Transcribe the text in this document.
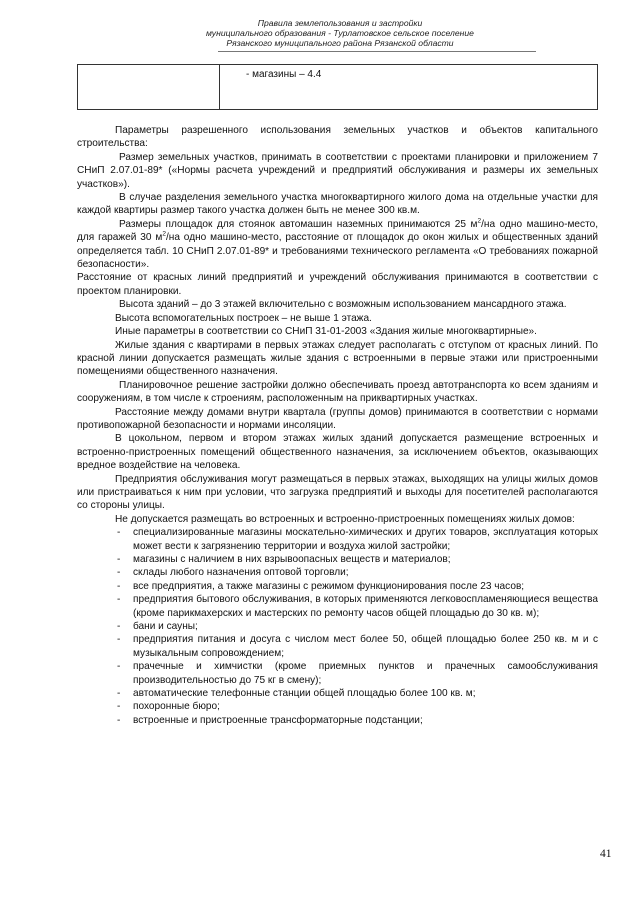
Правила землепользования и застройки
муниципального образования - Турлатовское сельское поселение
Рязанского муниципального района Рязанской области
	- магазины – 4.4

Параметры разрешенного использования земельных участков и объектов капитального строительства:

Размер земельных участков, принимать в соответствии с проектами планировки и приложением 7 СНиП 2.07.01-89* («Нормы расчета учреждений и предприятий обслуживания и размеры их земельных участков»).

В случае разделения земельного участка многоквартирного жилого дома на отдельные участки для каждой квартиры размер такого участка должен быть не менее 300 кв.м.

Размеры площадок для стоянок автомашин наземных принимаются 25 $м^2/на$ одно машино-место, для гаражей 30 $м^2/на$ одно машино-место, расстояние от площадок до окон жилых и общественных зданий определяется табл. 10 СНиП 2.07.01-89* и требованиями технического регламента «О требованиях пожарной безопасности».

Расстояние от красных линий предприятий и учреждений обслуживания принимаются в соответствии с проектом планировки.

Высота зданий – до 3 этажей включительно с возможным использованием мансардного этажа.

Высота вспомогательных построек – не выше 1 этажа.

Иные параметры в соответствии со СНиП 31-01-2003 «Здания жилые многоквартирные».

Жилые здания с квартирами в первых этажах следует располагать с отступом от красных линий. По красной линии допускается размещать жилые здания с встроенными в первые этажи или пристроенными помещениями общественного назначения.

Планировочное решение застройки должно обеспечивать проезд автотранспорта ко всем зданиям и сооружениям, в том числе к строениям, расположенным на приквартирных участках.

Расстояние между домами внутри квартала (группы домов) принимаются в соответствии с нормами противопожарной безопасности и нормами инсоляции.

В цокольном, первом и втором этажах жилых зданий допускается размещение встроенных и встроенно-пристроенных помещений общественного назначения, за исключением объектов, оказывающих вредное воздействие на человека.

Предприятия обслуживания могут размещаться в первых этажах, выходящих на улицы жилых домов или пристраиваться к ним при условии, что загрузка предприятий и выходы для посетителей располагаются со стороны улицы.

Не допускается размещать во встроенных и встроенно-пристроенных помещениях жилых домов:

- специализированные магазины москательно-химических и других товаров, эксплуатация которых может вести к загрязнению территории и воздуха жилой застройки;
- магазины с наличием в них взрывоопасных веществ и материалов;
- склады любого назначения оптовой торговли;
- все предприятия, а также магазины с режимом функционирования после 23 часов;
- предприятия бытового обслуживания, в которых применяются легковоспламеняющиеся вещества (кроме парикмахерских и мастерских по ремонту часов общей площадью до 30 кв. м);
- бани и сауны;
- предприятия питания и досуга с числом мест более 50, общей площадью более 250 кв. м и с музыкальным сопровождением;
- прачечные и химчистки (кроме приемных пунктов и прачечных самообслуживания производительностью до 75 кг в смену);
- автоматические телефонные станции общей площадью более 100 кв. м;
- похоронные бюро;
- встроенные и пристроенные трансформаторные подстанции;
41
